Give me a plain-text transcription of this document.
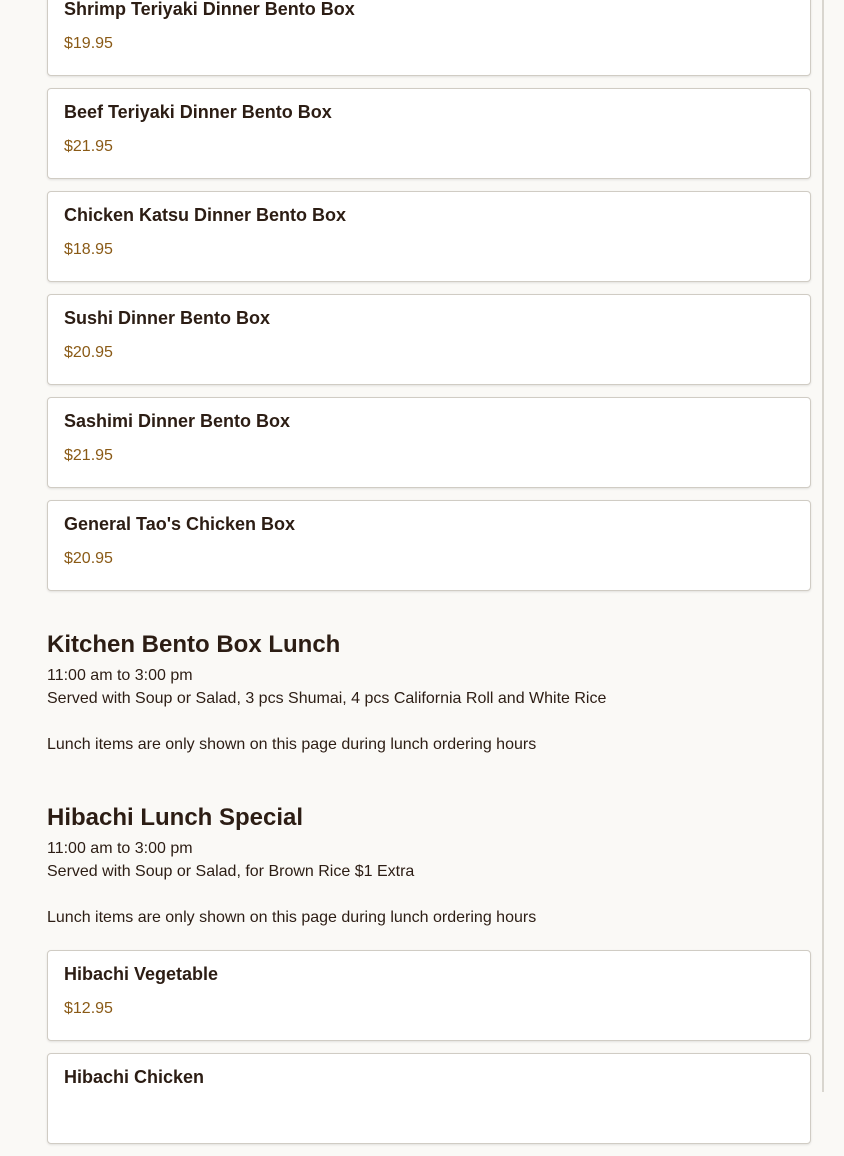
Shrimp Teriyaki Dinner Bento Box
$19.95
Beef Teriyaki Dinner Bento Box
$21.95
Chicken Katsu Dinner Bento Box
$18.95
Sushi Dinner Bento Box
$20.95
Sashimi Dinner Bento Box
$21.95
General Tao's Chicken Box
$20.95
Kitchen Bento Box Lunch
11:00 am to 3:00 pm
Served with Soup or Salad, 3 pcs Shumai, 4 pcs California Roll and White Rice
Lunch items are only shown on this page during lunch ordering hours
Hibachi Lunch Special
11:00 am to 3:00 pm
Served with Soup or Salad, for Brown Rice $1 Extra
Lunch items are only shown on this page during lunch ordering hours
Hibachi Vegetable
$12.95
Hibachi Chicken
